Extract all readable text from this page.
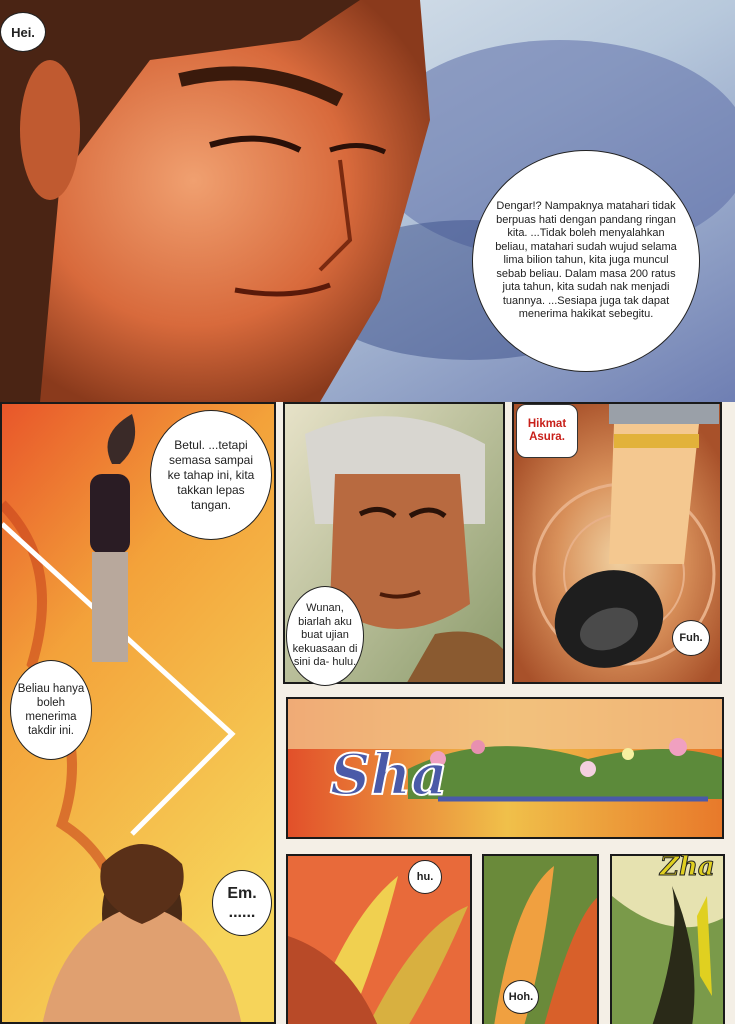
Hei.
Dengar!? Nampaknya matahari tidak berpuas hati dengan pandang ringan kita. ...Tidak boleh menyalahkan beliau, matahari sudah wujud selama lima bilion tahun, kita juga muncul sebab beliau. Dalam masa 200 ratus juta tahun, kita sudah nak menjadi tuannya. ...Sesiapa juga tak dapat menerima hakikat sebegitu.
Betul. ...tetapi semasa sampai ke tahap ini, kita takkan lepas tangan.
Beliau hanya boleh menerima takdir ini.
Em. ......
Wunan, biarlah aku buat ujian kekuasaan di sini da- hulu.
Hikmat Asura.
Fuh.
Sha
hu.
Hoh.
Zha
